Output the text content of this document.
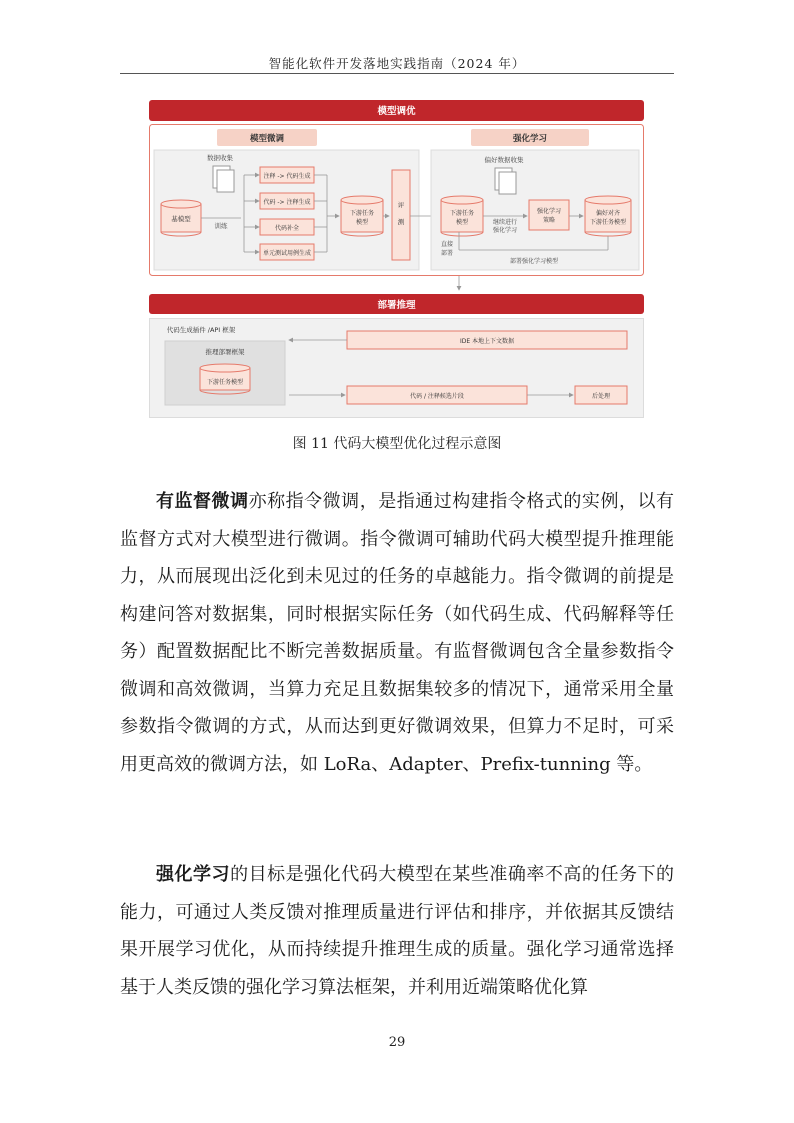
智能化软件开发落地实践指南（2024 年）
模型调优
模型微调
数据收集
基模型
训练
注释 -> 代码生成
代码 -> 注释生成
代码补全
单元测试用例生成
下游任务
模型
评
测
强化学习
偏好数据收集
下游任务
模型	继续进行
强化学习
强化学习
策略
偏好对齐
下游任务模型
直接
部署
部署强化学习模型
部署推理
代码生成插件 /API 框架
推理部署框架
下游任务模型
IDE 本地上下文数据
代码 / 注释候选片段	后处理
图 11 代码大模型优化过程示意图

有监督微调亦称指令微调，是指通过构建指令格式的实例，以有监督方式对大模型进行微调。指令微调可辅助代码大模型提升推理能力，从而展现出泛化到未见过的任务的卓越能力。指令微调的前提是构建问答对数据集，同时根据实际任务（如代码生成、代码解释等任务）配置数据配比不断完善数据质量。有监督微调包含全量参数指令微调和高效微调，当算力充足且数据集较多的情况下，通常采用全量参数指令微调的方式，从而达到更好微调效果，但算力不足时，可采用更高效的微调方法，如 LoRa、Adapter、Prefix-tunning 等。

强化学习的目标是强化代码大模型在某些准确率不高的任务下的能力，可通过人类反馈对推理质量进行评估和排序，并依据其反馈结果开展学习优化，从而持续提升推理生成的质量。强化学习通常选择基于人类反馈的强化学习算法框架，并利用近端策略优化算

29
